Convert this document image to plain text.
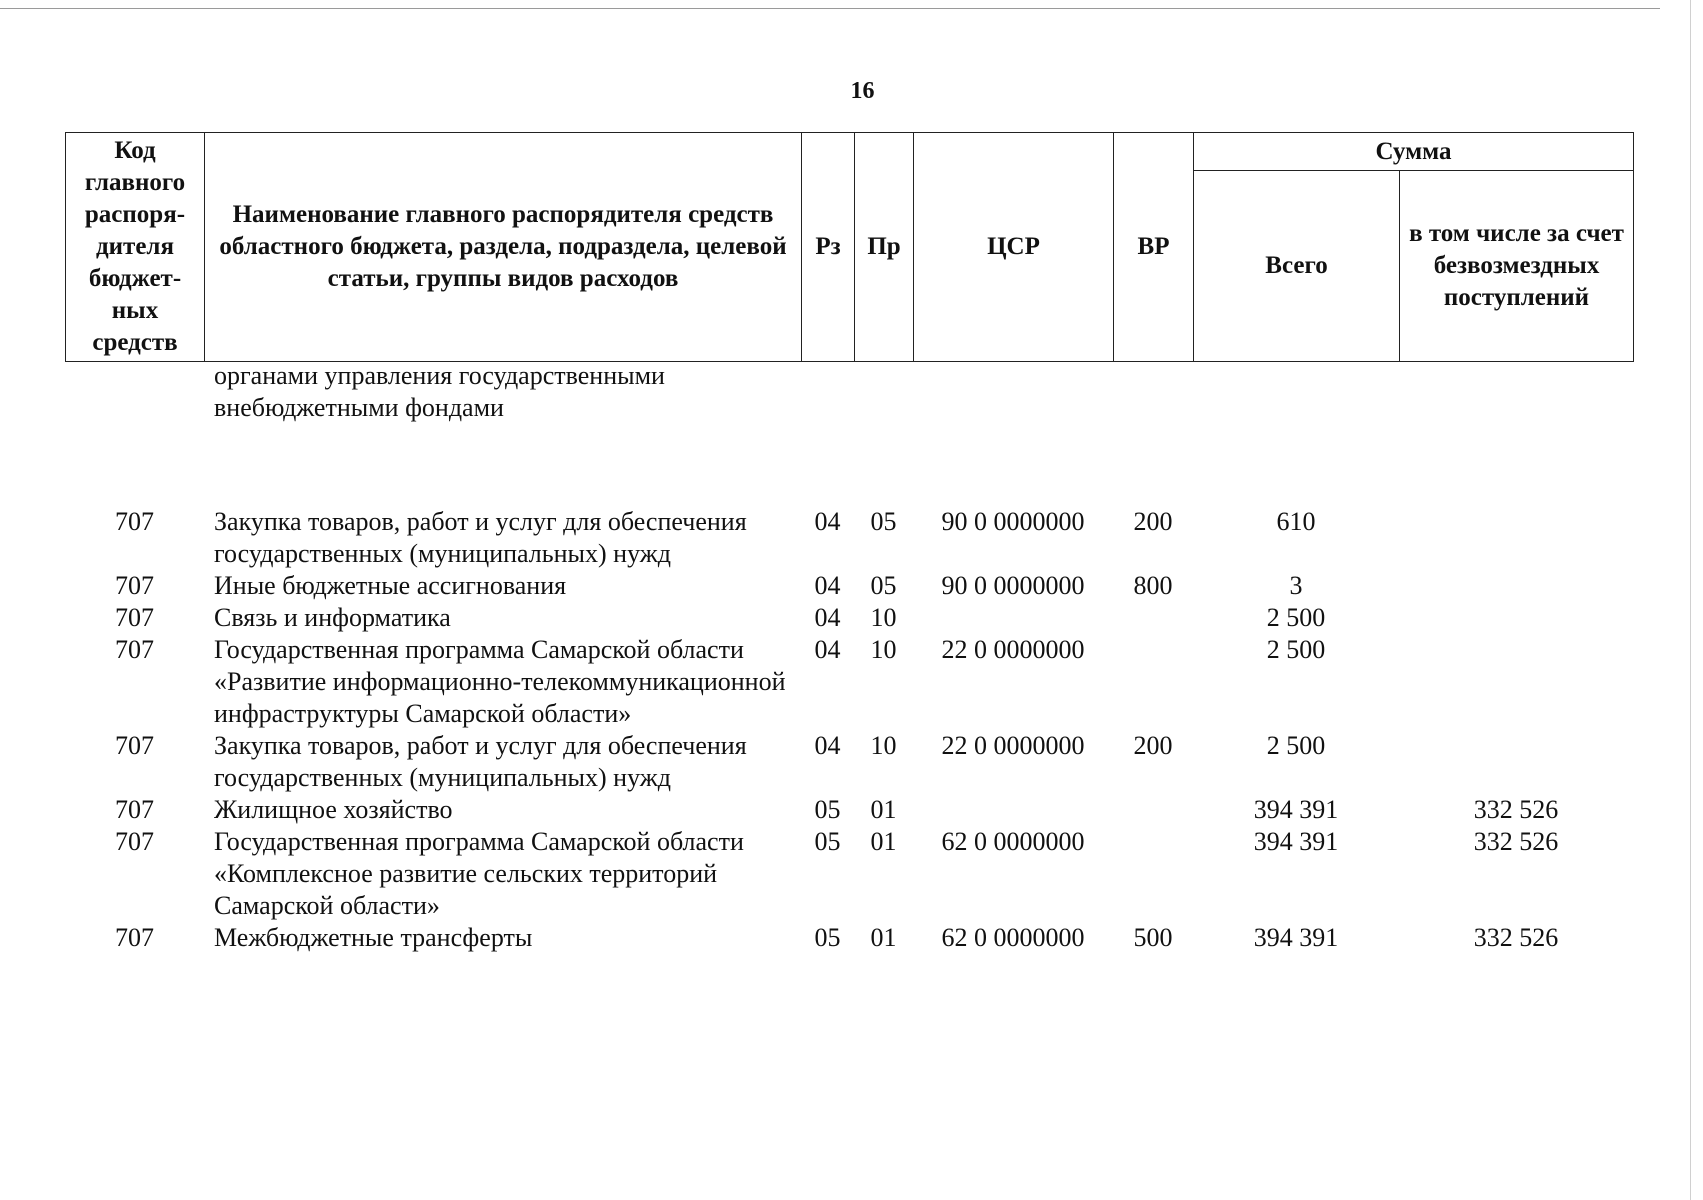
16
Код главного распоря-дителя бюджет-ных средств	Наименование главного распорядителя средств областного бюджета, раздела, подраздела, целевой статьи, группы видов расходов	Рз	Пр	ЦСР	ВР	Сумма	
						Всего	в том числе за счет безвозмездных поступлений
	органами управления государственными внебюджетными фондами						

707	Закупка товаров, работ и услуг для обеспечения государственных (муниципальных) нужд	04	05	90 0 0000000	200	610	
707	Иные бюджетные ассигнования	04	05	90 0 0000000	800	3	
707	Связь и информатика	04	10			2 500	
707	Государственная программа Самарской области «Развитие информационно-телекоммуникационной инфраструктуры Самарской области»	04	10	22 0 0000000		2 500	
707	Закупка товаров, работ и услуг для обеспечения государственных (муниципальных) нужд	04	10	22 0 0000000	200	2 500	
707	Жилищное хозяйство	05	01			394 391	332 526
707	Государственная программа Самарской области «Комплексное развитие сельских территорий Самарской области»	05	01	62 0 0000000		394 391	332 526
707	Межбюджетные трансферты	05	01	62 0 0000000	500	394 391	332 526
